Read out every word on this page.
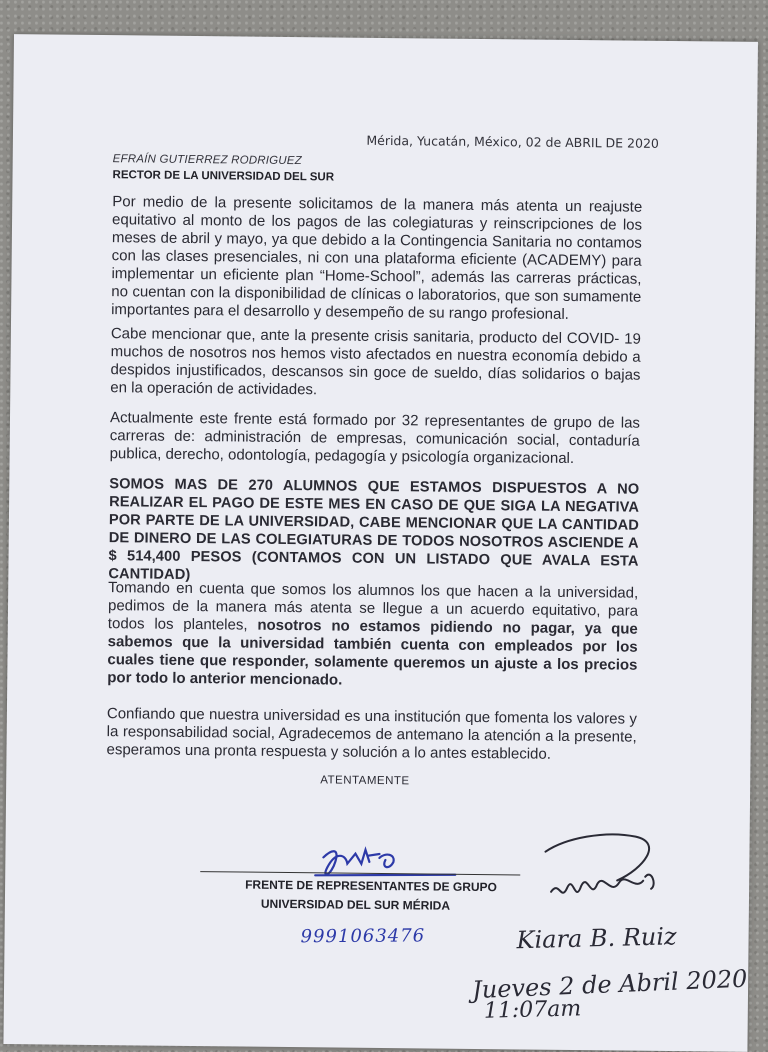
Mérida, Yucatán, México, 02 de ABRIL DE 2020
EFRAÍN GUTIERREZ RODRIGUEZ
RECTOR DE LA UNIVERSIDAD DEL SUR

Por medio de la presente solicitamos de la manera más atenta un reajuste equitativo al monto de los pagos de las colegiaturas y reinscripciones de los meses de abril y mayo, ya que debido a la Contingencia Sanitaria no contamos con las clases presenciales, ni con una plataforma eficiente (ACADEMY) para implementar un eficiente plan “Home-School”, además las carreras prácticas, no cuentan con la disponibilidad de clínicas o laboratorios, que son sumamente importantes para el desarrollo y desempeño de su rango profesional.

Cabe mencionar que, ante la presente crisis sanitaria, producto del COVID- 19 muchos de nosotros nos hemos visto afectados en nuestra economía debido a despidos injustificados, descansos sin goce de sueldo, días solidarios o bajas en la operación de actividades.

Actualmente este frente está formado por 32 representantes de grupo de las carreras de: administración de empresas, comunicación social, contaduría publica, derecho, odontología, pedagogía y psicología organizacional.

SOMOS MAS DE 270 ALUMNOS QUE ESTAMOS DISPUESTOS A NO REALIZAR EL PAGO DE ESTE MES EN CASO DE QUE SIGA LA NEGATIVA POR PARTE DE LA UNIVERSIDAD, CABE MENCIONAR QUE LA CANTIDAD DE DINERO DE LAS COLEGIATURAS DE TODOS NOSOTROS ASCIENDE A $ 514,400 PESOS (CONTAMOS CON UN LISTADO QUE AVALA ESTA CANTIDAD)

Tomando en cuenta que somos los alumnos los que hacen a la universidad, pedimos de la manera más atenta se llegue a un acuerdo equitativo, para todos los planteles, nosotros no estamos pidiendo no pagar, ya que sabemos que la universidad también cuenta con empleados por los cuales tiene que responder, solamente queremos un ajuste a los precios por todo lo anterior mencionado.

Confiando que nuestra universidad es una institución que fomenta los valores y la responsabilidad social, Agradecemos de antemano la atención a la presente, esperamos una pronta respuesta y solución a lo antes establecido.

ATENTAMENTE
FRENTE DE REPRESENTANTES DE GRUPO
UNIVERSIDAD DEL SUR MÉRIDA
9991063476	Kiara B. Ruiz
Jueves 2 de Abril 2020
11:07am
